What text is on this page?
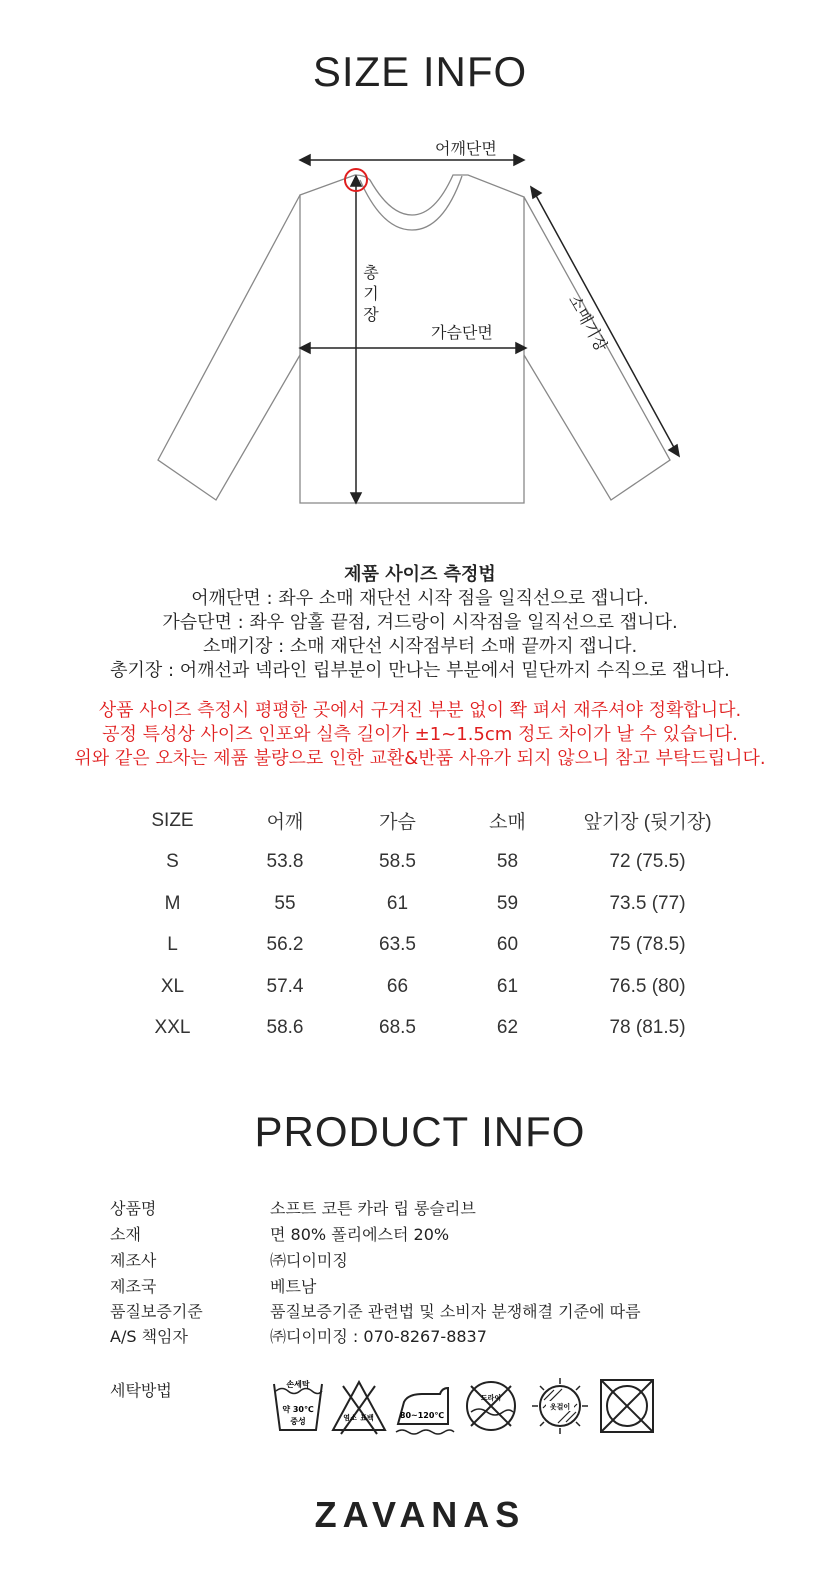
SIZE INFO
어깨단면
가슴단면
총
기
장	소매기장
제품 사이즈 측정법
어깨단면 : 좌우 소매 재단선 시작 점을 일직선으로 잽니다.
가슴단면 : 좌우 암홀 끝점, 겨드랑이 시작점을 일직선으로 잽니다.
소매기장 : 소매 재단선 시작점부터 소매 끝까지 잽니다.
총기장 : 어깨선과 넥라인 립부분이 만나는 부분에서 밑단까지 수직으로 잽니다.
상품 사이즈 측정시 평평한 곳에서 구겨진 부분 없이 쫙 펴서 재주셔야 정확합니다.
공정 특성상 사이즈 인포와 실측 길이가 ±1~1.5cm 정도 차이가 날 수 있습니다.
위와 같은 오차는 제품 불량으로 인한 교환&반품 사유가 되지 않으니 참고 부탁드립니다.
SIZE	어깨	가슴	소매	앞기장 (뒷기장)
S	53.8	58.5	58	72 (75.5)
M	55	61	59	73.5 (77)
L	56.2	63.5	60	75 (78.5)
XL	57.4	66	61	76.5 (80)
XXL	58.6	68.5	62	78 (81.5)
PRODUCT INFO
상품명	소프트 코튼 카라 립 롱슬리브
소재	면 80% 폴리에스터 20%
제조사	㈜디이미징
제조국	베트남
품질보증기준	품질보증기준 관련법 및 소비자 분쟁해결 기준에 따름
A/S 책임자	㈜디이미징 : 070-8267-8837
세탁방법	손세탁
약 30℃
중성	염소 표백	80~120℃
드라이
옷걸이
ZAVANAS
